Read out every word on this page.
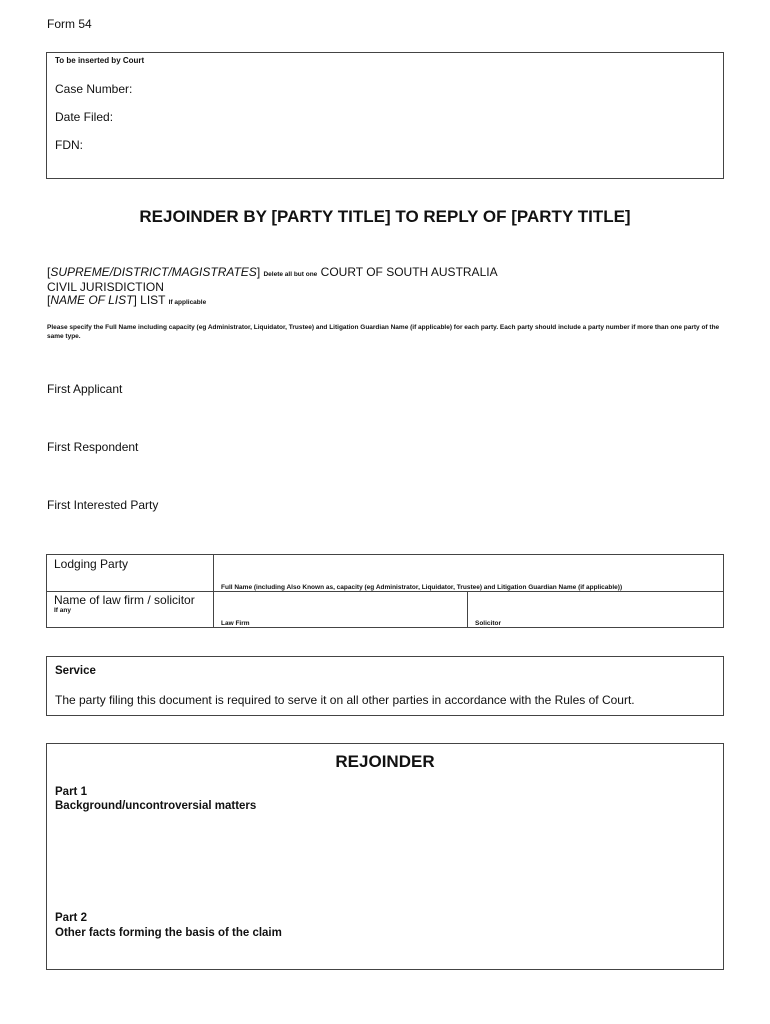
Form 54
To be inserted by Court
Case Number:
Date Filed:
FDN:
REJOINDER BY [PARTY TITLE] TO REPLY OF [PARTY TITLE]
[SUPREME/DISTRICT/MAGISTRATES] Delete all but one COURT OF SOUTH AUSTRALIA
CIVIL JURISDICTION
[NAME OF LIST] LIST If applicable
Please specify the Full Name including capacity (eg Administrator, Liquidator, Trustee) and Litigation Guardian Name (if applicable) for each party. Each party should include a party number if more than one party of the same type.
First Applicant
First Respondent
First Interested Party
Lodging Party
Full Name (including Also Known as, capacity (eg Administrator, Liquidator, Trustee) and Litigation Guardian Name (if applicable))
Name of law firm / solicitor
If any
Law Firm	Solicitor
Service
The party filing this document is required to serve it on all other parties in accordance with the Rules of Court.
REJOINDER
Part 1
Background/uncontroversial matters
Part 2
Other facts forming the basis of the claim
